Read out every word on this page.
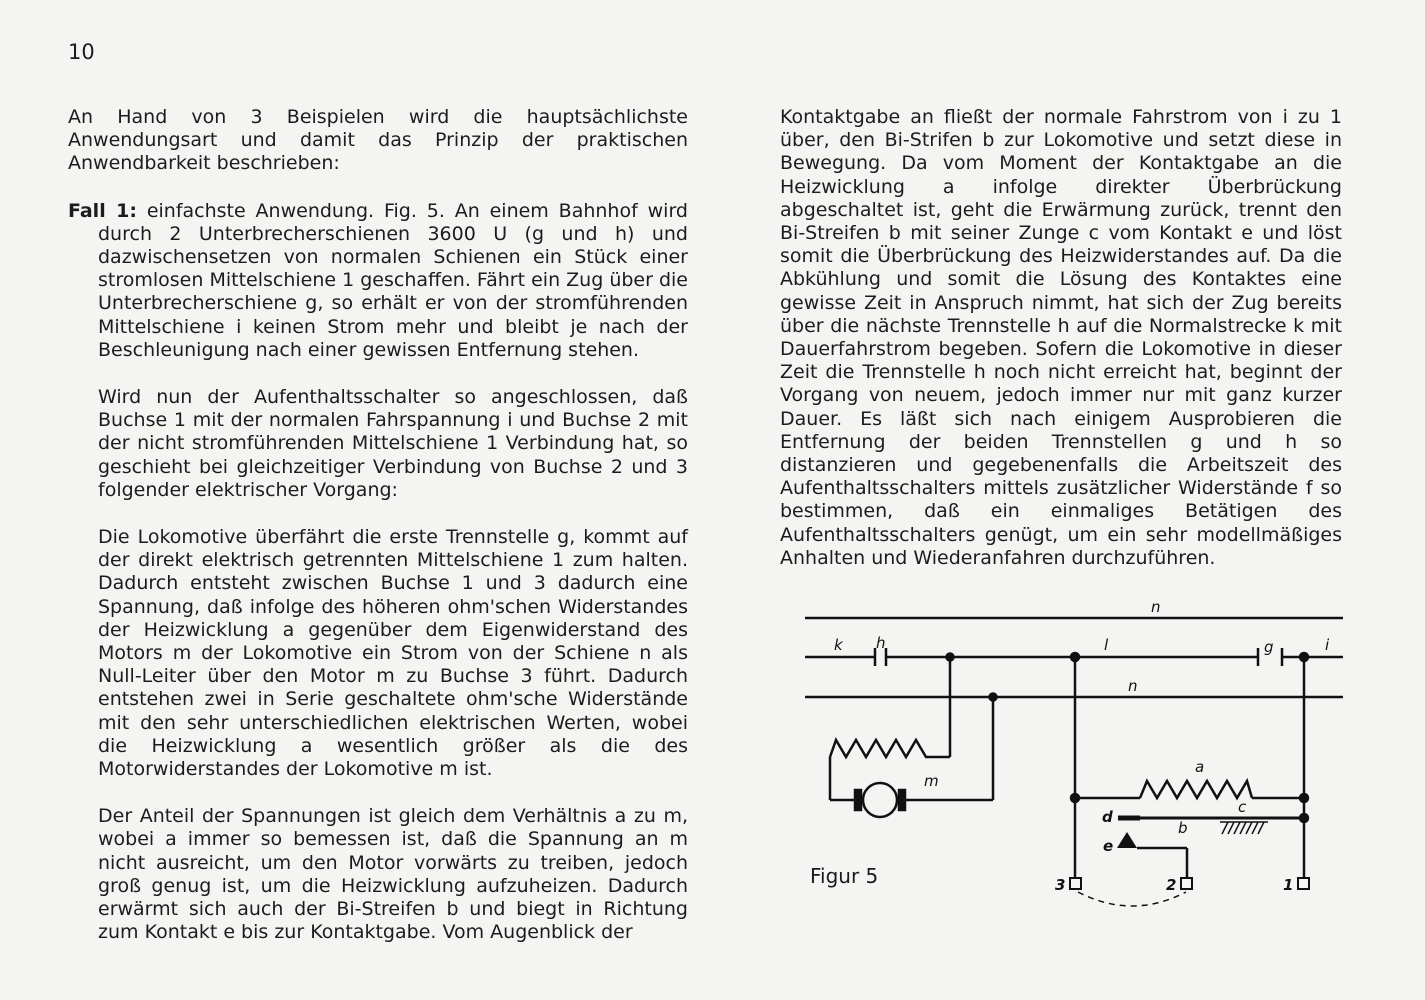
10

An Hand von 3 Beispielen wird die hauptsächlichste Anwendungsart und damit das Prinzip der praktischen Anwendbarkeit beschrieben:

Fall 1: einfachste Anwendung. Fig. 5. An einem Bahnhof wird durch 2 Unterbrecherschienen 3600 U (g und h) und dazwischensetzen von normalen Schienen ein Stück einer stromlosen Mittelschiene 1 geschaffen. Fährt ein Zug über die Unterbrecherschiene g, so erhält er von der stromführenden Mittelschiene i keinen Strom mehr und bleibt je nach der Beschleunigung nach einer gewissen Entfernung stehen.

Wird nun der Aufenthaltsschalter so angeschlossen, daß Buchse 1 mit der normalen Fahrspannung i und Buchse 2 mit der nicht stromführenden Mittelschiene 1 Verbindung hat, so geschieht bei gleichzeitiger Verbindung von Buchse 2 und 3 folgender elektrischer Vorgang:

Die Lokomotive überfährt die erste Trennstelle g, kommt auf der direkt elektrisch getrennten Mittelschiene 1 zum halten. Dadurch entsteht zwischen Buchse 1 und 3 dadurch eine Spannung, daß infolge des höheren ohm'schen Widerstandes der Heizwicklung a gegenüber dem Eigenwiderstand des Motors m der Lokomotive ein Strom von der Schiene n als Null-Leiter über den Motor m zu Buchse 3 führt. Dadurch entstehen zwei in Serie geschaltete ohm'sche Widerstände mit den sehr unterschiedlichen elektrischen Werten, wobei die Heizwicklung a wesentlich größer als die des Motorwiderstandes der Lokomotive m ist.

Der Anteil der Spannungen ist gleich dem Verhältnis a zu m, wobei a immer so bemessen ist, daß die Spannung an m nicht ausreicht, um den Motor vorwärts zu treiben, jedoch groß genug ist, um die Heizwicklung aufzuheizen. Dadurch erwärmt sich auch der Bi-Streifen b und biegt in Richtung zum Kontakt e bis zur Kontaktgabe. Vom Augenblick der

Kontaktgabe an fließt der normale Fahrstrom von i zu 1 über, den Bi-Strifen b zur Lokomotive und setzt diese in Bewegung. Da vom Moment der Kontaktgabe an die Heizwicklung a infolge direkter Überbrückung abgeschaltet ist, geht die Erwärmung zurück, trennt den Bi-Streifen b mit seiner Zunge c vom Kontakt e und löst somit die Überbrückung des Heizwiderstandes auf. Da die Abkühlung und somit die Lösung des Kontaktes eine gewisse Zeit in Anspruch nimmt, hat sich der Zug bereits über die nächste Trennstelle h auf die Normalstrecke k mit Dauerfahrstrom begeben. Sofern die Lokomotive in dieser Zeit die Trennstelle h noch nicht erreicht hat, beginnt der Vorgang von neuem, jedoch immer nur mit ganz kurzer Dauer. Es läßt sich nach einigem Ausprobieren die Entfernung der beiden Trennstellen g und h so distanzieren und gegebenenfalls die Arbeitszeit des Aufenthaltsschalters mittels zusätzlicher Widerstände f so bestimmen, daß ein einmaliges Betätigen des Aufenthaltsschalters genügt, um ein sehr modellmäßiges Anhalten und Wiederanfahren durchzuführen.

Figur 5
n
k h	l	g	i
n
m
a
c
d
b
e
3	2	1
